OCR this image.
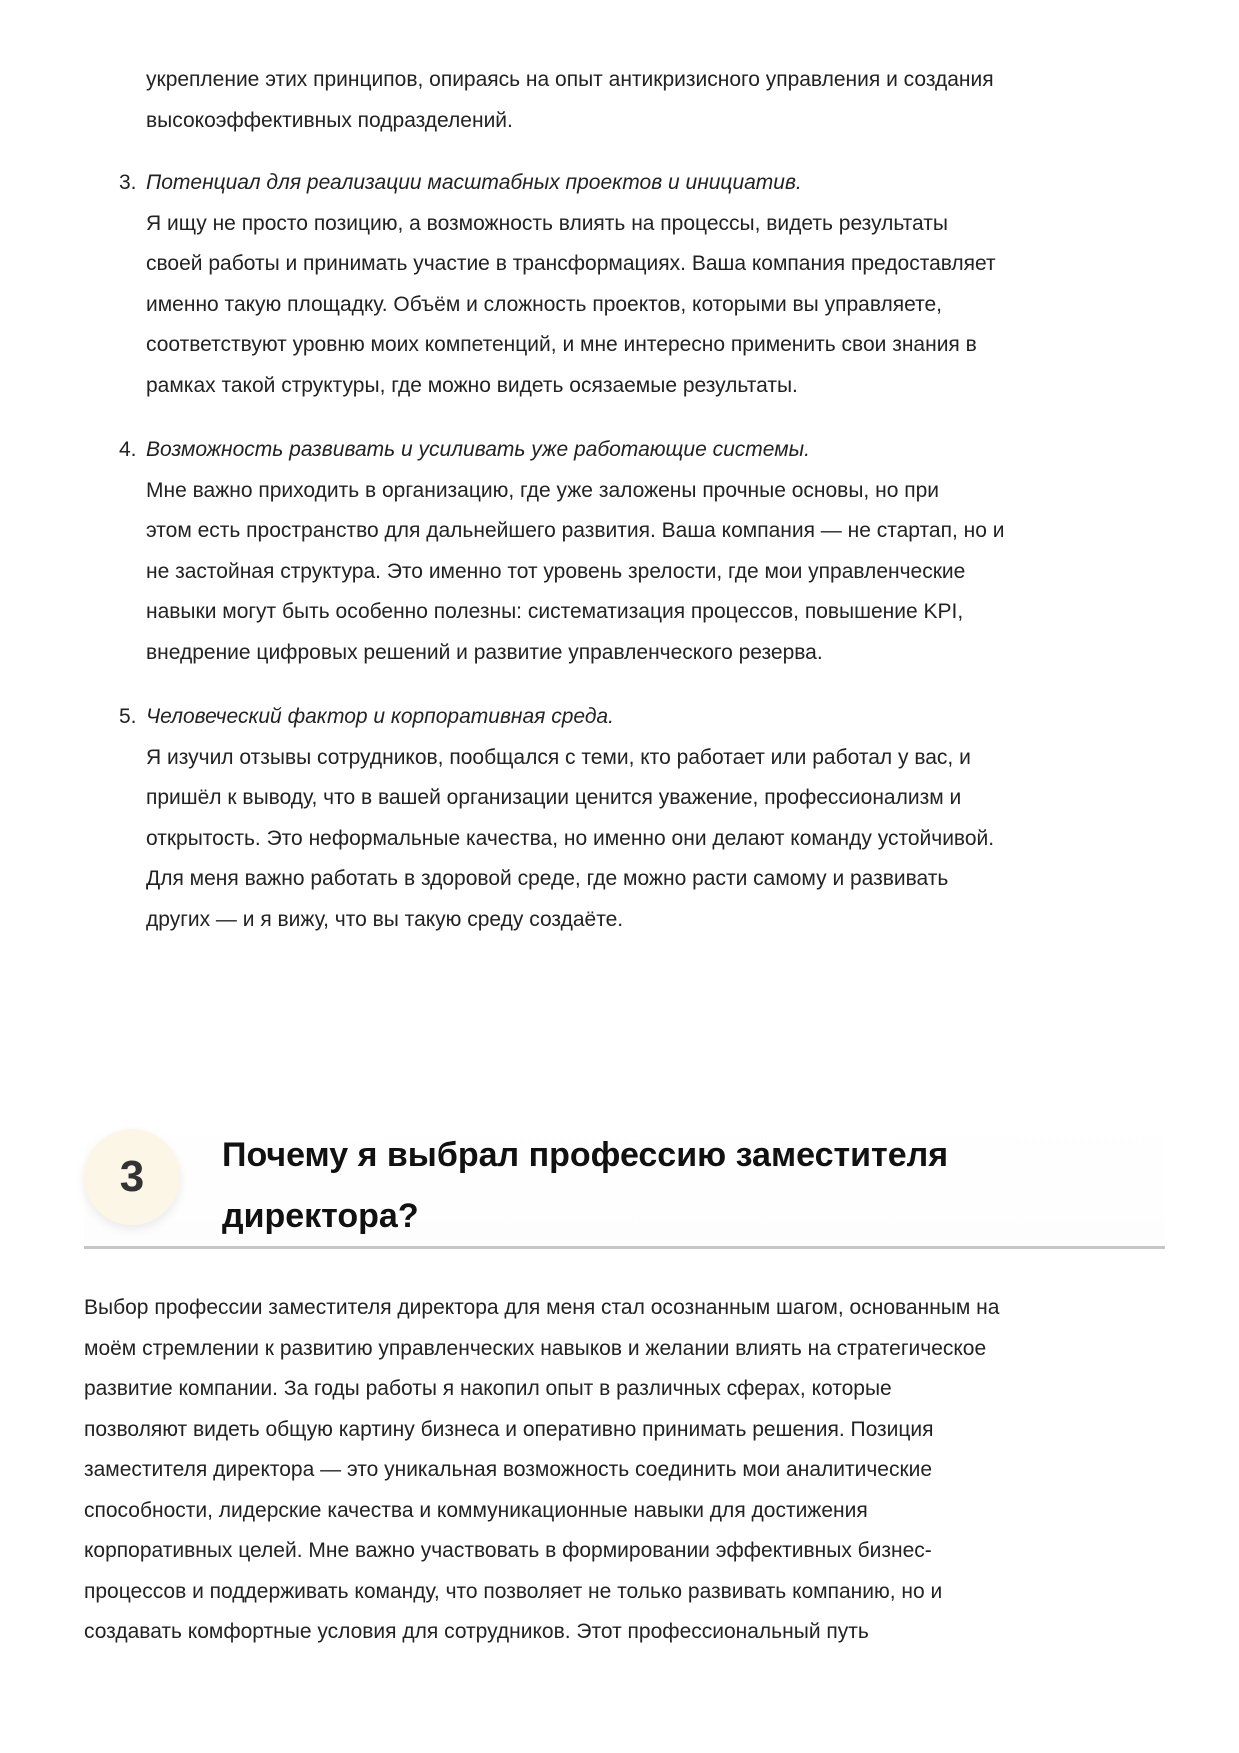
укрепление этих принципов, опираясь на опыт антикризисного управления и создания
высокоэффективных подразделений.
3. Потенциал для реализации масштабных проектов и инициатив.
Я ищу не просто позицию, а возможность влиять на процессы, видеть результаты
своей работы и принимать участие в трансформациях. Ваша компания предоставляет
именно такую площадку. Объём и сложность проектов, которыми вы управляете,
соответствуют уровню моих компетенций, и мне интересно применить свои знания в
рамках такой структуры, где можно видеть осязаемые результаты.
4. Возможность развивать и усиливать уже работающие системы.
Мне важно приходить в организацию, где уже заложены прочные основы, но при
этом есть пространство для дальнейшего развития. Ваша компания — не стартап, но и
не застойная структура. Это именно тот уровень зрелости, где мои управленческие
навыки могут быть особенно полезны: систематизация процессов, повышение KPI,
внедрение цифровых решений и развитие управленческого резерва.
5. Человеческий фактор и корпоративная среда.
Я изучил отзывы сотрудников, пообщался с теми, кто работает или работал у вас, и
пришёл к выводу, что в вашей организации ценится уважение, профессионализм и
открытость. Это неформальные качества, но именно они делают команду устойчивой.
Для меня важно работать в здоровой среде, где можно расти самому и развивать
других — и я вижу, что вы такую среду создаёте.
3	Почему я выбрал профессию заместителя
директора?
Выбор профессии заместителя директора для меня стал осознанным шагом, основанным на
моём стремлении к развитию управленческих навыков и желании влиять на стратегическое
развитие компании. За годы работы я накопил опыт в различных сферах, которые
позволяют видеть общую картину бизнеса и оперативно принимать решения. Позиция
заместителя директора — это уникальная возможность соединить мои аналитические
способности, лидерские качества и коммуникационные навыки для достижения
корпоративных целей. Мне важно участвовать в формировании эффективных бизнес-
процессов и поддерживать команду, что позволяет не только развивать компанию, но и
создавать комфортные условия для сотрудников. Этот профессиональный путь
